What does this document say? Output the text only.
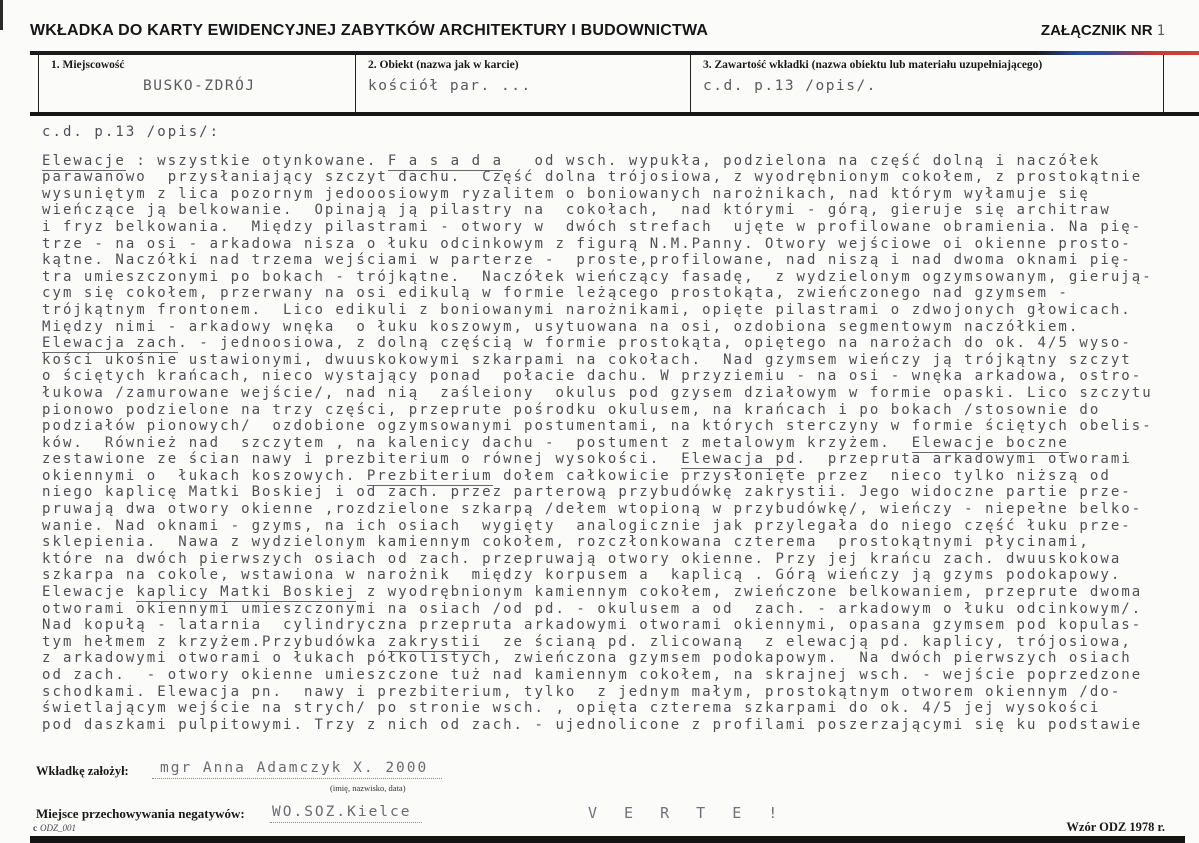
WKŁADKA DO KARTY EWIDENCYJNEJ ZABYTKÓW ARCHITEKTURY I BUDOWNICTWA	ZAŁĄCZNIK NR 1
1. Miejscowość
BUSKO-ZDRÓJ
2. Obiekt (nazwa jak w karcie)
kościół par. ...
3. Zawartość wkładki (nazwa obiektu lub materiału uzupełniającego)
c.d. p.13 /opis/.
c.d. p.13 /opis/:
Elewacje : wszystkie otynkowane. F a s a d a   od wsch. wypukła, podzielona na część dolną i naczółek
parawanowo  przysłaniający szczyt dachu.  Część dolna trójosiowa, z wyodrębnionym cokołem, z prostokątnie
wysuniętym z lica pozornym jedooosiowym ryzalitem o boniowanych narożnikach, nad którym wyłamuje się
wieńczące ją belkowanie.  Opinają ją pilastry na  cokołach,  nad którymi - górą, gieruje się architraw
i fryz belkowania.  Między pilastrami - otwory w  dwóch strefach  ujęte w profilowane obramienia. Na pię-
trze - na osi - arkadowa nisza o łuku odcinkowym z figurą N.M.Panny. Otwory wejściowe oi okienne prosto-
kątne. Naczółki nad trzema wejściami w parterze -  proste,profilowane, nad niszą i nad dwoma oknami pię-
tra umieszczonymi po bokach - trójkątne.  Naczółek wieńczący fasadę,  z wydzielonym ogzymsowanym, gierują-
cym się cokołem, przerwany na osi edikulą w formie leżącego prostokąta, zwieńczonego nad gzymsem -
trójkątnym frontonem.  Lico edikuli z boniowanymi narożnikami, opięte pilastrami o zdwojonych głowicach.
Między nimi - arkadowy wnęka  o łuku koszowym, usytuowana na osi, ozdobiona segmentowym naczółkiem.
Elewacja zach. - jednoosiowa, z dolną częścią w formie prostokąta, opiętego na narożach do ok. 4/5 wyso-
kości ukośnie ustawionymi, dwuuskokowymi szkarpami na cokołach.  Nad gzymsem wieńczy ją trójkątny szczyt
o ściętych krańcach, nieco wystający ponad  połacie dachu. W przyziemiu - na osi - wnęka arkadowa, ostro-
łukowa /zamurowane wejście/, nad nią  zaśleiony  okulus pod gzysem działowym w formie opaski. Lico szczytu
pionowo podzielone na trzy części, przeprute pośrodku okulusem, na krańcach i po bokach /stosownie do
podziałów pionowych/  ozdobione ogzymsowanymi postumentami, na których sterczyny w formie ściętych obelis-
ków.  Również nad  szczytem , na kalenicy dachu -  postument z metalowym krzyżem.  Elewacje boczne
zestawione ze ścian nawy i prezbiterium o równej wysokości.  Elewacja pd.  przepruta arkadowymi otworami
okiennymi o  łukach koszowych. Prezbiterium dołem całkowicie przysłonięte przez  nieco tylko niższą od
niego kaplicę Matki Boskiej i od zach. przez parterową przybudówkę zakrystii. Jego widoczne partie prze-
pruwają dwa otwory okienne ,rozdzielone szkarpą /dełem wtopioną w przybudówkę/, wieńczy - niepełne belko-
wanie. Nad oknami - gzyms, na ich osiach  wygięty  analogicznie jak przylegała do niego część łuku prze-
sklepienia.  Nawa z wydzielonym kamiennym cokołem, rozczłonkowana czterema  prostokątnymi płycinami,
które na dwóch pierwszych osiach od zach. przepruwają otwory okienne. Przy jej krańcu zach. dwuuskokowa
szkarpa na cokole, wstawiona w narożnik  między korpusem a  kaplicą . Górą wieńczy ją gzyms podokapowy.
Elewacje kaplicy Matki Boskiej z wyodrębnionym kamiennym cokołem, zwieńczone belkowaniem, przeprute dwoma
otworami okiennymi umieszczonymi na osiach /od pd. - okulusem a od  zach. - arkadowym o łuku odcinkowym/.
Nad kopułą - latarnia  cylindryczna przepruta arkadowymi otworami okiennymi, opasana gzymsem pod kopulas-
tym hełmem z krzyżem.Przybudówka zakrystii  ze ścianą pd. zlicowaną  z elewacją pd. kaplicy, trójosiowa,
z arkadowymi otworami o łukach półkolistych, zwieńczona gzymsem podokapowym.  Na dwóch pierwszych osiach
od zach.  - otwory okienne umieszczone tuż nad kamiennym cokołem, na skrajnej wsch. - wejście poprzedzone
schodkami. Elewacja pn.  nawy i prezbiterium, tylko  z jednym małym, prostokątnym otworem okiennym /do-
świetlającym wejście na strych/ po stronie wsch. , opięta czterema szkarpami do ok. 4/5 jej wysokości
pod daszkami pulpitowymi. Trzy z nich od zach. - ujednolicone z profilami poszerzającymi się ku podstawie
Wkładkę założył:	mgr Anna Adamczyk X. 2000
(imię, nazwisko, data)
Miejsce przechowywania negatywów: WO.SOZ.Kielce	V E R T E !
c ODZ_001	Wzór ODZ 1978 r.
